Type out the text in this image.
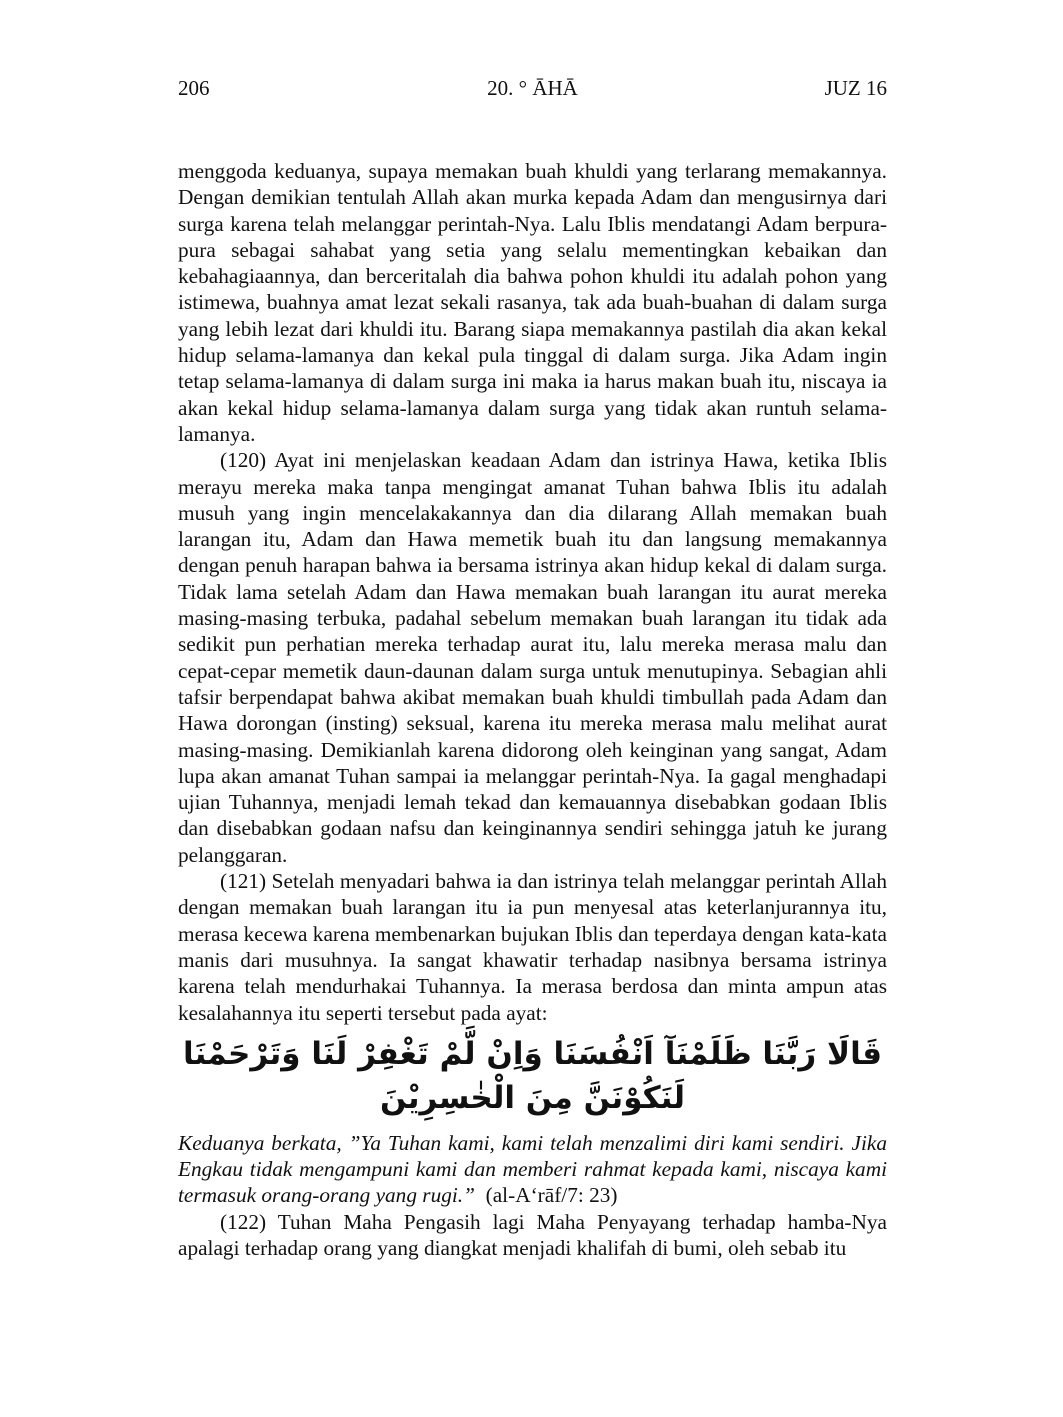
206	20. ° ĀHĀ	JUZ 16

menggoda keduanya, supaya memakan buah khuldi yang terlarang memakannya. Dengan demikian tentulah Allah akan murka kepada Adam dan mengusirnya dari surga karena telah melanggar perintah-Nya. Lalu Iblis mendatangi Adam berpura-pura sebagai sahabat yang setia yang selalu mementingkan kebaikan dan kebahagiaannya, dan berceritalah dia bahwa pohon khuldi itu adalah pohon yang istimewa, buahnya amat lezat sekali rasanya, tak ada buah-buahan di dalam surga yang lebih lezat dari khuldi itu. Barang siapa memakannya pastilah dia akan kekal hidup selama-lamanya dan kekal pula tinggal di dalam surga. Jika Adam ingin tetap selama-lamanya di dalam surga ini maka ia harus makan buah itu, niscaya ia akan kekal hidup selama-lamanya dalam surga yang tidak akan runtuh selama-lamanya.

(120) Ayat ini menjelaskan keadaan Adam dan istrinya Hawa, ketika Iblis merayu mereka maka tanpa mengingat amanat Tuhan bahwa Iblis itu adalah musuh yang ingin mencelakakannya dan dia dilarang Allah memakan buah larangan itu, Adam dan Hawa memetik buah itu dan langsung memakannya dengan penuh harapan bahwa ia bersama istrinya akan hidup kekal di dalam surga. Tidak lama setelah Adam dan Hawa memakan buah larangan itu aurat mereka masing-masing terbuka, padahal sebelum memakan buah larangan itu tidak ada sedikit pun perhatian mereka terhadap aurat itu, lalu mereka merasa malu dan cepat-cepar memetik daun-daunan dalam surga untuk menutupinya. Sebagian ahli tafsir berpendapat bahwa akibat memakan buah khuldi timbullah pada Adam dan Hawa dorongan (insting) seksual, karena itu mereka merasa malu melihat aurat masing-masing. Demikianlah karena didorong oleh keinginan yang sangat, Adam lupa akan amanat Tuhan sampai ia melanggar perintah-Nya. Ia gagal menghadapi ujian Tuhannya, menjadi lemah tekad dan kemauannya disebabkan godaan Iblis dan disebabkan godaan nafsu dan keinginannya sendiri sehingga jatuh ke jurang pelanggaran.

(121) Setelah menyadari bahwa ia dan istrinya telah melanggar perintah Allah dengan memakan buah larangan itu ia pun menyesal atas keterlanjurannya itu, merasa kecewa karena membenarkan bujukan Iblis dan teperdaya dengan kata-kata manis dari musuhnya. Ia sangat khawatir terhadap nasibnya bersama istrinya karena telah mendurhakai Tuhannya. Ia merasa berdosa dan minta ampun atas kesalahannya itu seperti tersebut pada ayat:

قَالَا رَبَّنَا ظَلَمْنَآ اَنْفُسَنَا وَاِنْ لَّمْ تَغْفِرْ لَنَا وَتَرْحَمْنَا لَنَكُوْنَنَّ مِنَ الْخٰسِرِيْنَ

Keduanya berkata, ”Ya Tuhan kami, kami telah menzalimi diri kami sendiri. Jika Engkau tidak mengampuni kami dan memberi rahmat kepada kami, niscaya kami termasuk orang-orang yang rugi.” (al-A‘rāf/7: 23)

(122) Tuhan Maha Pengasih lagi Maha Penyayang terhadap hamba-Nya apalagi terhadap orang yang diangkat menjadi khalifah di bumi, oleh sebab itu
